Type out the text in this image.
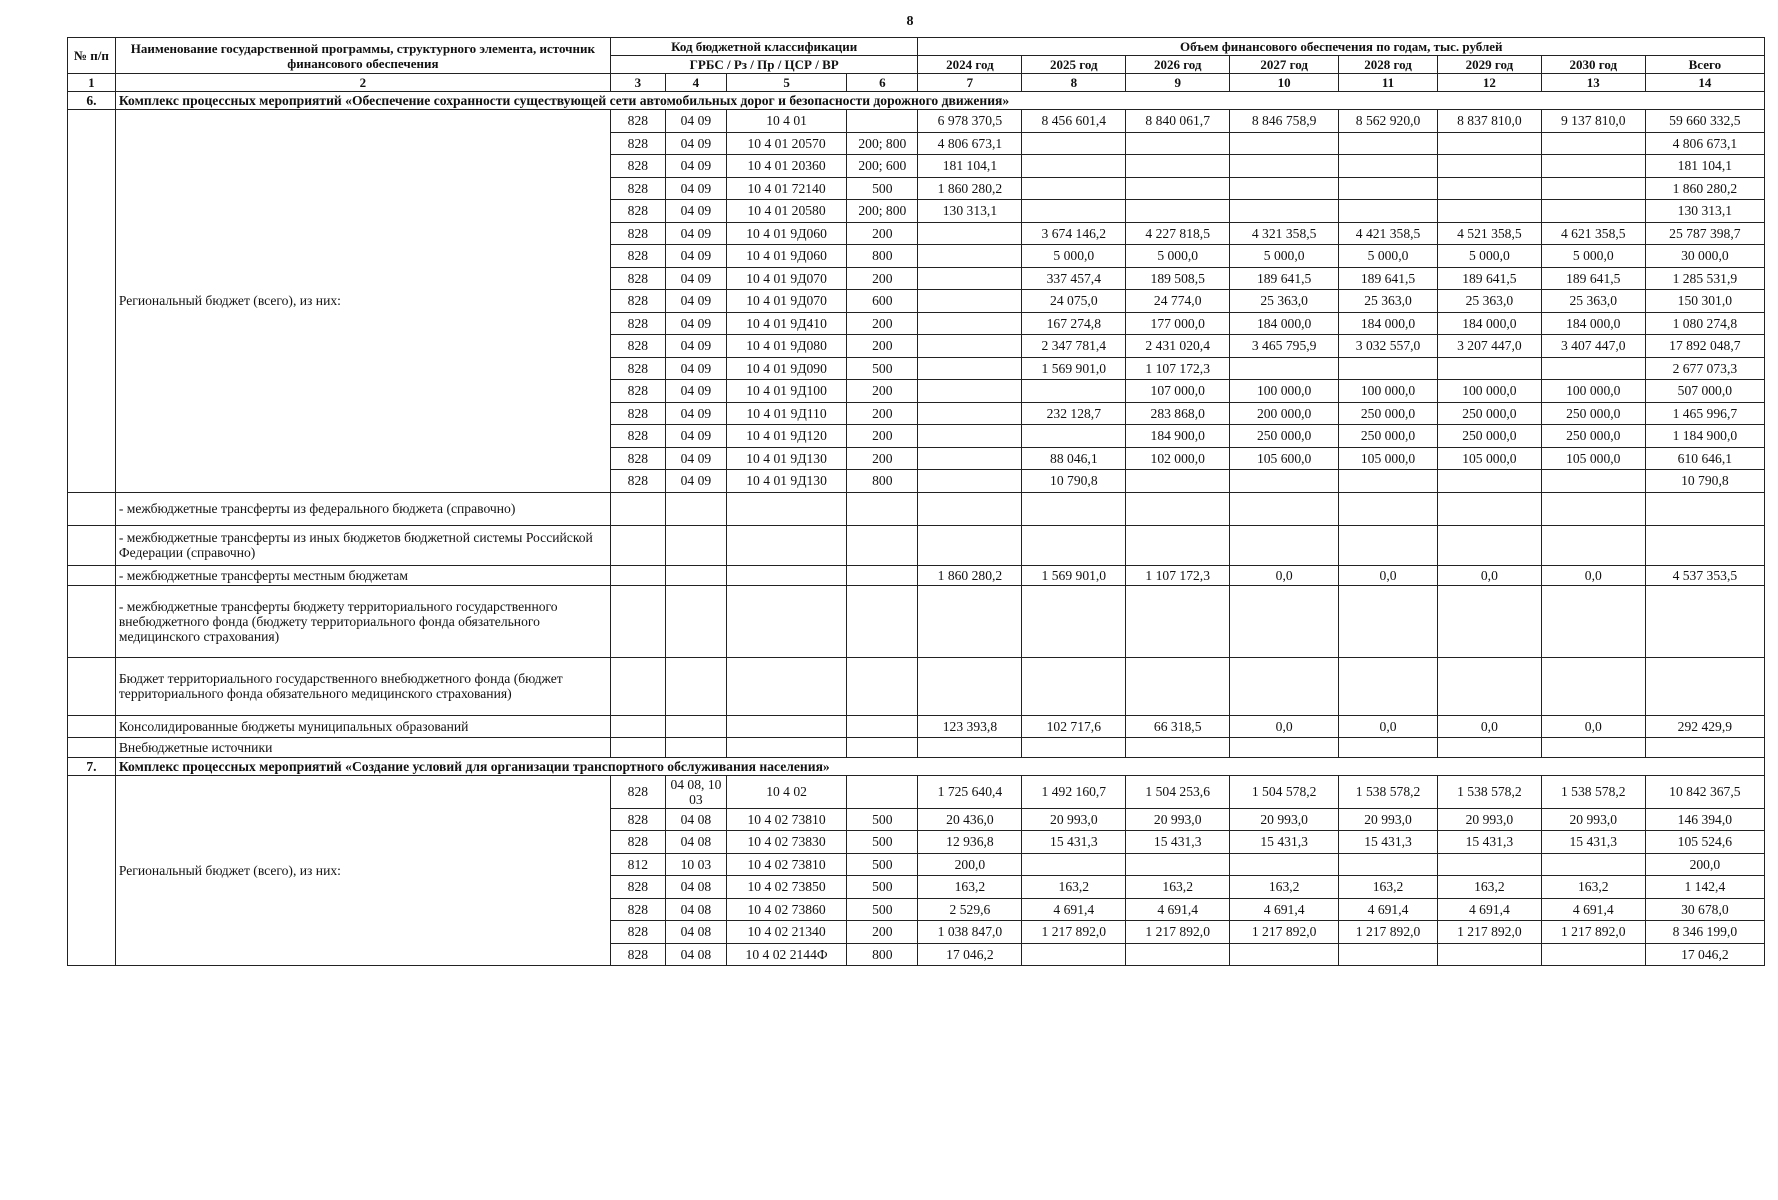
8
№ п/п	Наименование государственной программы, структурного элемента, источник финансового обеспечения	Код бюджетной классификации				Объем финансового обеспечения по годам, тыс. рублей							
		ГРБС / Рз / Пр / ЦСР / ВР				2024 год	2025 год	2026 год	2027 год	2028 год	2029 год	2030 год	Всего
1	2	3	4	5	6	7	8	9	10	11	12	13	14
6.	Комплекс процессных мероприятий «Обеспечение сохранности существующей сети автомобильных дорог и безопасности дорожного движения»												
	Региональный бюджет (всего), из них:	828	04 09	10 4 01		6 978 370,5	8 456 601,4	8 840 061,7	8 846 758,9	8 562 920,0	8 837 810,0	9 137 810,0	59 660 332,5
		828	04 09	10 4 01 20570	200; 800	4 806 673,1							4 806 673,1
		828	04 09	10 4 01 20360	200; 600	181 104,1							181 104,1
		828	04 09	10 4 01 72140	500	1 860 280,2							1 860 280,2
		828	04 09	10 4 01 20580	200; 800	130 313,1							130 313,1
		828	04 09	10 4 01 9Д060	200		3 674 146,2	4 227 818,5	4 321 358,5	4 421 358,5	4 521 358,5	4 621 358,5	25 787 398,7
		828	04 09	10 4 01 9Д060	800		5 000,0	5 000,0	5 000,0	5 000,0	5 000,0	5 000,0	30 000,0
		828	04 09	10 4 01 9Д070	200		337 457,4	189 508,5	189 641,5	189 641,5	189 641,5	189 641,5	1 285 531,9
		828	04 09	10 4 01 9Д070	600		24 075,0	24 774,0	25 363,0	25 363,0	25 363,0	25 363,0	150 301,0
		828	04 09	10 4 01 9Д410	200		167 274,8	177 000,0	184 000,0	184 000,0	184 000,0	184 000,0	1 080 274,8
		828	04 09	10 4 01 9Д080	200		2 347 781,4	2 431 020,4	3 465 795,9	3 032 557,0	3 207 447,0	3 407 447,0	17 892 048,7
		828	04 09	10 4 01 9Д090	500		1 569 901,0	1 107 172,3					2 677 073,3
		828	04 09	10 4 01 9Д100	200			107 000,0	100 000,0	100 000,0	100 000,0	100 000,0	507 000,0
		828	04 09	10 4 01 9Д110	200		232 128,7	283 868,0	200 000,0	250 000,0	250 000,0	250 000,0	1 465 996,7
		828	04 09	10 4 01 9Д120	200			184 900,0	250 000,0	250 000,0	250 000,0	250 000,0	1 184 900,0
		828	04 09	10 4 01 9Д130	200		88 046,1	102 000,0	105 600,0	105 000,0	105 000,0	105 000,0	610 646,1
		828	04 09	10 4 01 9Д130	800		10 790,8						10 790,8
	- межбюджетные трансферты из федерального бюджета (справочно)												
	- межбюджетные трансферты из иных бюджетов бюджетной системы Российской Федерации (справочно)												
	- межбюджетные трансферты местным бюджетам					1 860 280,2	1 569 901,0	1 107 172,3	0,0	0,0	0,0	0,0	4 537 353,5
	- межбюджетные трансферты бюджету территориального государственного внебюджетного фонда (бюджету территориального фонда обязательного медицинского страхования)												
	Бюджет территориального государственного внебюджетного фонда (бюджет территориального фонда обязательного медицинского страхования)												
	Консолидированные бюджеты муниципальных образований					123 393,8	102 717,6	66 318,5	0,0	0,0	0,0	0,0	292 429,9
	Внебюджетные источники												
7.	Комплекс процессных мероприятий «Создание условий для организации транспортного обслуживания населения»												
	Региональный бюджет (всего), из них:	828	04 08, 10 03	10 4 02		1 725 640,4	1 492 160,7	1 504 253,6	1 504 578,2	1 538 578,2	1 538 578,2	1 538 578,2	10 842 367,5
		828	04 08	10 4 02 73810	500	20 436,0	20 993,0	20 993,0	20 993,0	20 993,0	20 993,0	20 993,0	146 394,0
		828	04 08	10 4 02 73830	500	12 936,8	15 431,3	15 431,3	15 431,3	15 431,3	15 431,3	15 431,3	105 524,6
		812	10 03	10 4 02 73810	500	200,0							200,0
		828	04 08	10 4 02 73850	500	163,2	163,2	163,2	163,2	163,2	163,2	163,2	1 142,4
		828	04 08	10 4 02 73860	500	2 529,6	4 691,4	4 691,4	4 691,4	4 691,4	4 691,4	4 691,4	30 678,0
		828	04 08	10 4 02 21340	200	1 038 847,0	1 217 892,0	1 217 892,0	1 217 892,0	1 217 892,0	1 217 892,0	1 217 892,0	8 346 199,0
		828	04 08	10 4 02 2144Ф	800	17 046,2							17 046,2
